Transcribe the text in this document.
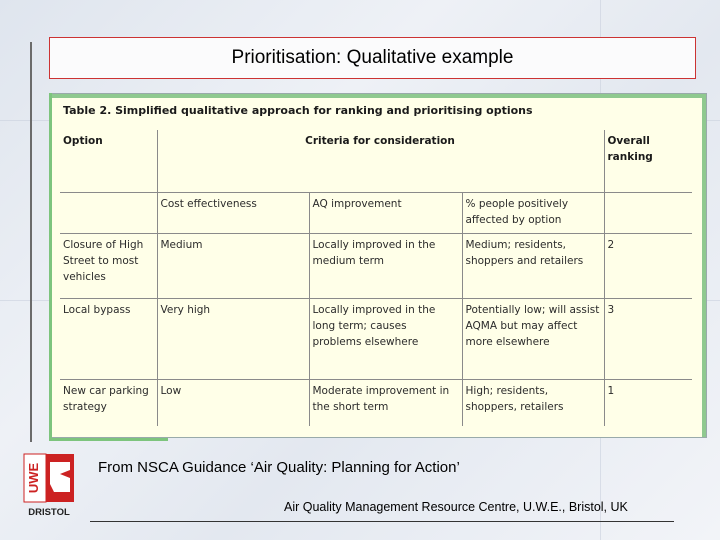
Prioritisation: Qualitative example
Table 2. Simplified qualitative approach for ranking and prioritising options
Option	Criteria for consideration			Overall
ranking

	Cost effectiveness	AQ improvement	% people positively affected by option	
Closure of High Street to most vehicles	Medium	Locally improved in the medium term	Medium; residents, shoppers and retailers	2
Local bypass	Very high	Locally improved in the long term; causes problems elsewhere	Potentially low; will assist AQMA but may affect more elsewhere	3
New car parking strategy	Low	Moderate improvement in the short term	High; residents, shoppers, retailers	1
UWE
DRISTOL
From NSCA Guidance ‘Air Quality: Planning for Action’
Air Quality Management Resource Centre, U.W.E., Bristol, UK
